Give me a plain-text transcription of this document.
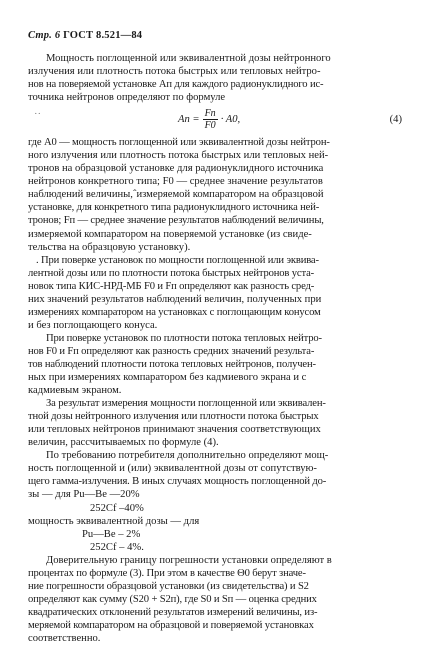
Стр. 6 ГОСТ 8.521—84
Мощность поглощенной или эквивалентной дозы нейтронного
излучения или плотность потока быстрых или тепловых нейтро-
нов на поверяемой установке Aп для каждого радионуклидного ис-
точника нейтронов определяют по формуле
˙˙	Aп = $\frac{Fп}{F0} \cdot A0$,	(4)
где A0 — мощность поглощенной или эквивалентной дозы нейтрон-
ного излучения или плотность потока быстрых или тепловых ней-
тронов на образцовой установке для радионуклидного источника
нейтронов конкретного типа; F0 — среднее значение результатов
наблюдений величины,ˆизмеряемой компаратором на образцовой
установке, для конкретного типа радионуклидного источника ней-
тронов; Fп — среднее значение результатов наблюдений величины,
измеряемой компаратором на поверяемой установке (из свиде-
тельства на образцовую установку).
. При поверке установок по мощности поглощенной или эквива-
лентной дозы или по плотности потока быстрых нейтронов уста-
новок типа КИС-НРД-МБ F0 и Fп определяют как разность сред-
них значений результатов наблюдений величин, полученных при
измерениях компаратором на установках с поглощающим конусом
и без поглощающего конуса.
При поверке установок по плотности потока тепловых нейтро-
нов F0 и Fп определяют как разность средних значений результа-
тов наблюдений плотности потока тепловых нейтронов, получен-
ных при измерениях компаратором без кадмиевого экрана и с
кадмиевым экраном.
За результат измерения мощности поглощенной или эквивален-
тной дозы нейтронного излучения или плотности потока быстрых
или тепловых нейтронов принимают значения соответствующих
величин, рассчитываемых по формуле (4).
По требованию потребителя дополнительно определяют мощ-
ность поглощенной и (или) эквивалентной дозы от сопутствую-
щего гамма-излучения. В иных случаях мощность поглощенной до-
зы — для Pu—Be —20%
252Cf –40%
мощность эквивалентной дозы — для
Pu—Be – 2%
252Cf – 4%.
Доверительную границу погрешности установки определяют в
процентах по формуле (3). При этом в качестве Θ0 берут значе-
ние погрешности образцовой установки (из свидетельства) и S2
определяют как сумму (S20 + S2п), где S0 и Sп — оценка средних
квадратических отклонений результатов измерений величины, из-
меряемой компаратором на образцовой и поверяемой установках
соответственно.
